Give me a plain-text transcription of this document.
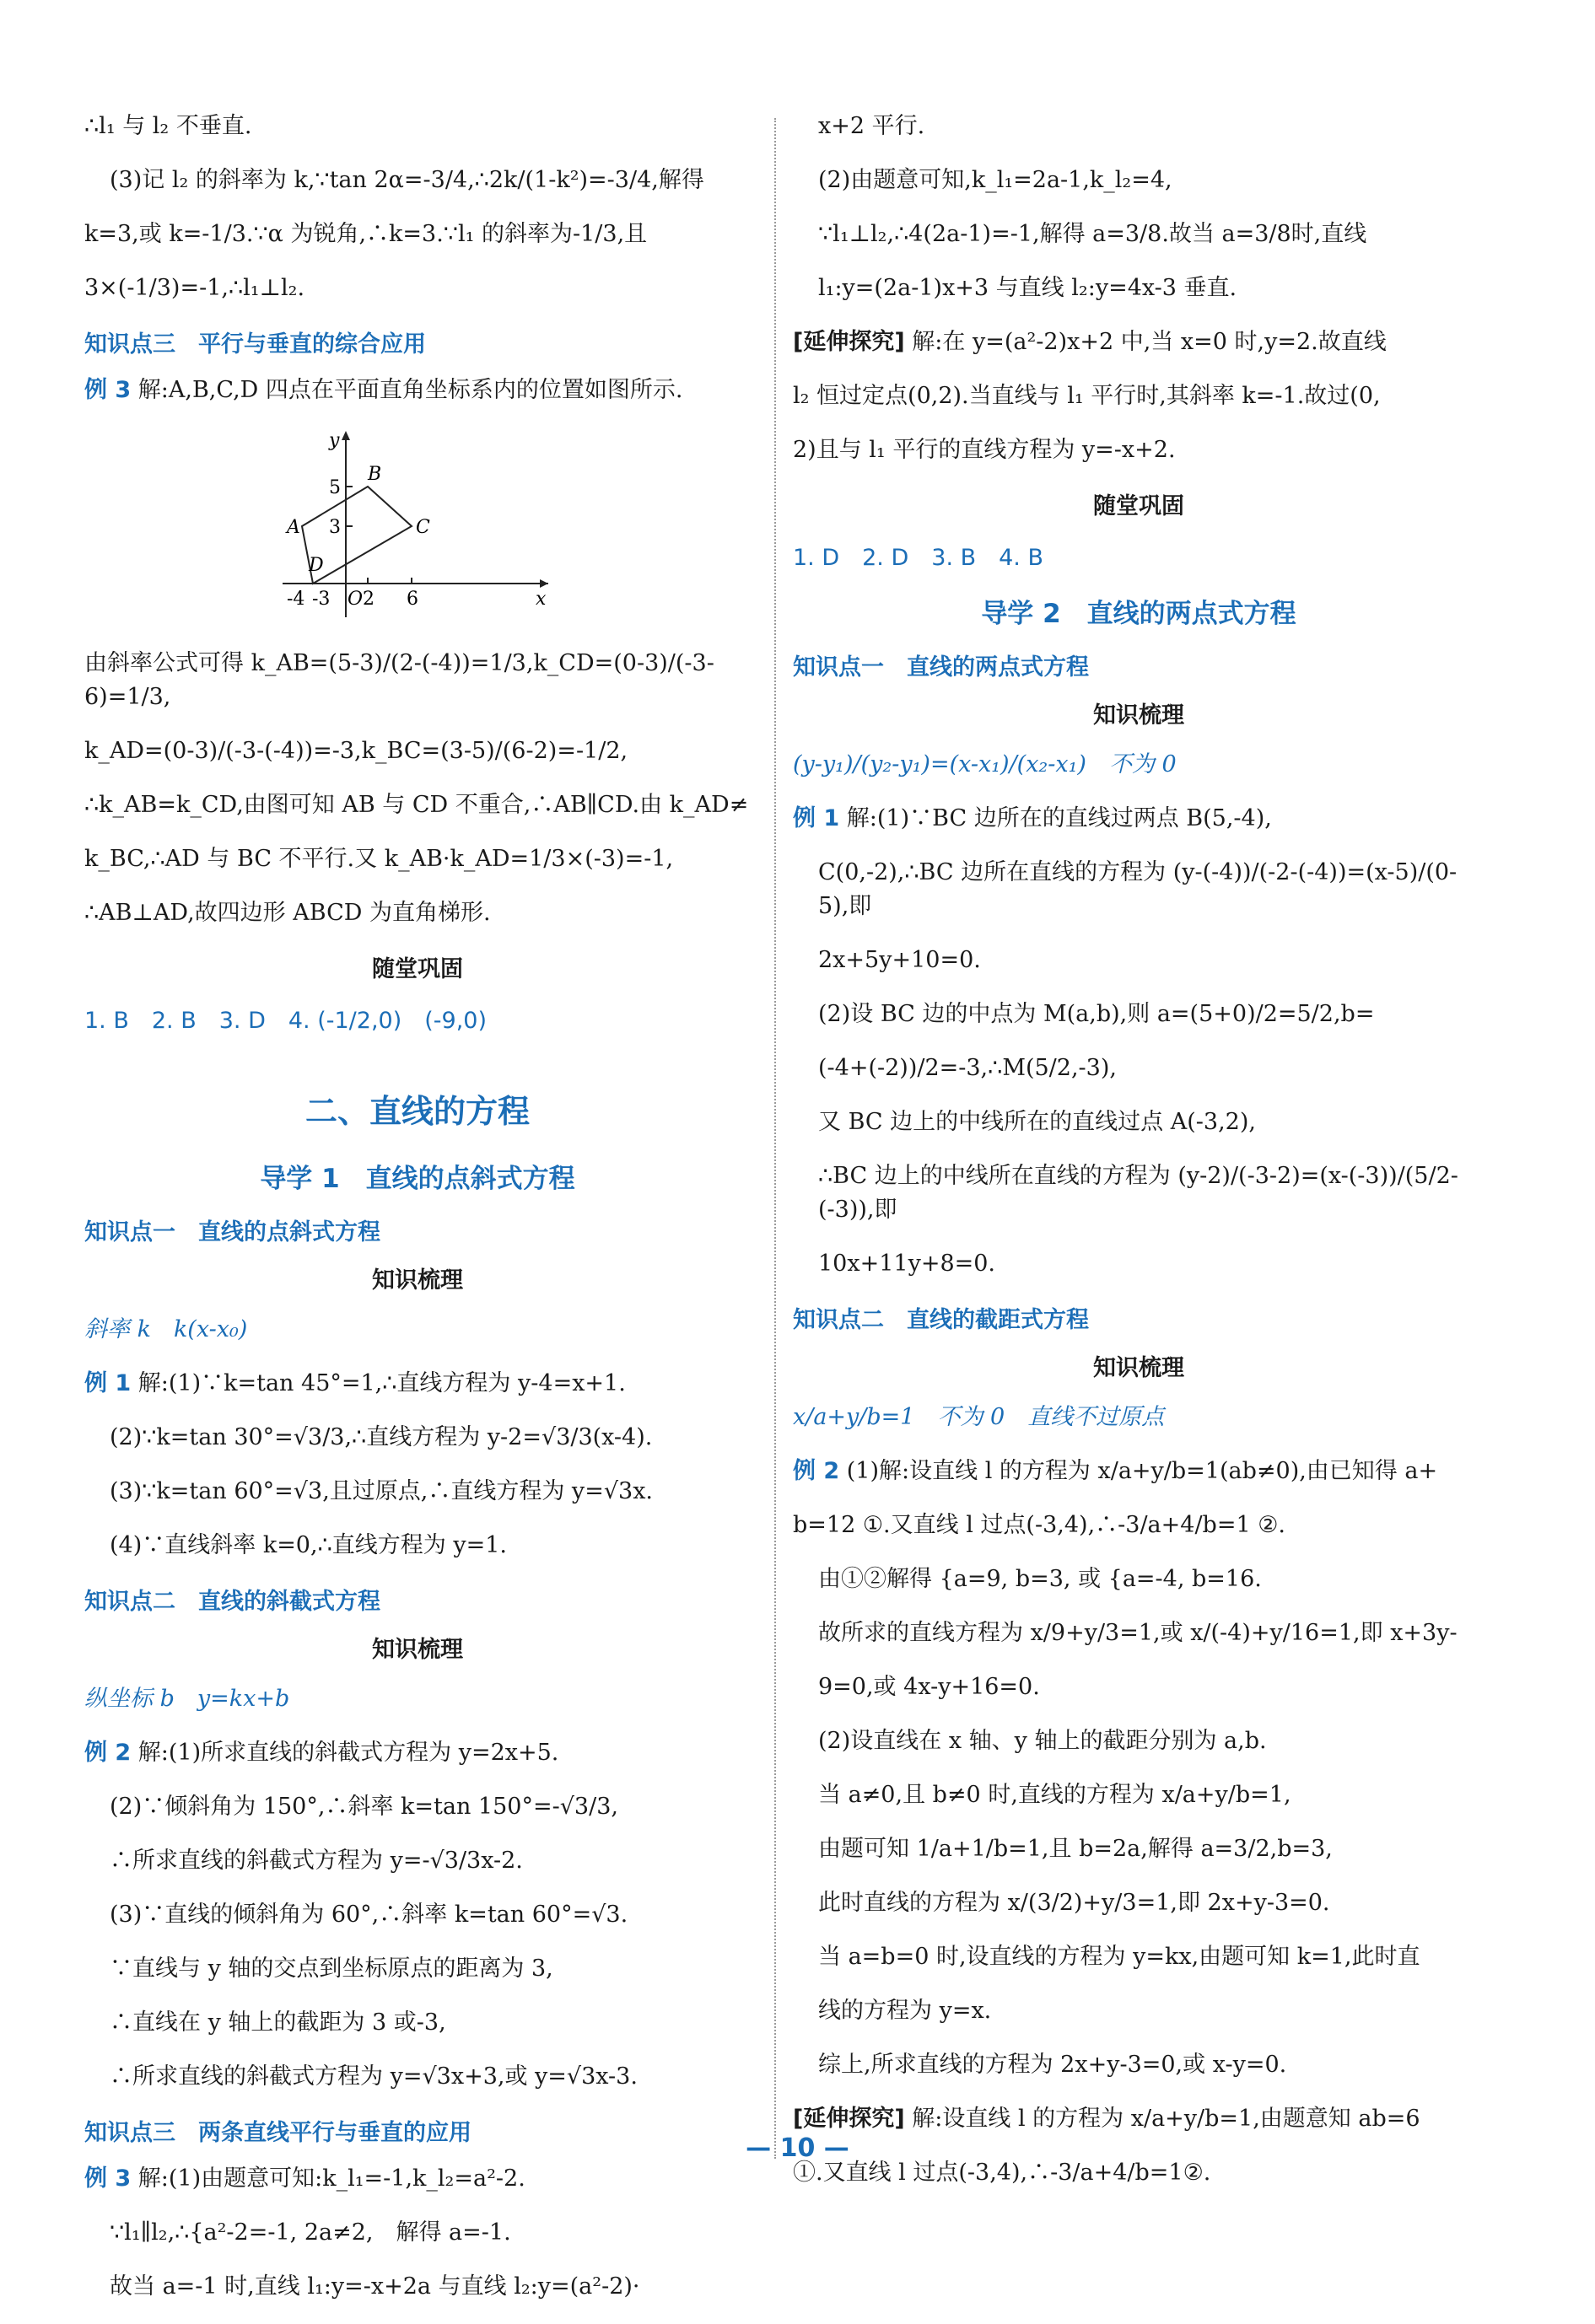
∴l₁ 与 l₂ 不垂直.

(3)记 l₂ 的斜率为 k,∵tan 2α=-3/4,∴2k/(1-k²)=-3/4,解得

k=3,或 k=-1/3.∵α 为锐角,∴k=3.∵l₁ 的斜率为-1/3,且

3×(-1/3)=-1,∴l₁⊥l₂.

知识点三　平行与垂直的综合应用

例 3 解:A,B,C,D 四点在平面直角坐标系内的位置如图所示.

y
x
O
5
3
-4 -3 2 6
A
B
C
D

由斜率公式可得 k_AB=(5-3)/(2-(-4))=1/3,k_CD=(0-3)/(-3-6)=1/3,

k_AD=(0-3)/(-3-(-4))=-3,k_BC=(3-5)/(6-2)=-1/2,

∴k_AB=k_CD,由图可知 AB 与 CD 不重合,∴AB∥CD.由 k_AD≠

k_BC,∴AD 与 BC 不平行.又 k_AB·k_AD=1/3×(-3)=-1,

∴AB⊥AD,故四边形 ABCD 为直角梯形.

随堂巩固
1. B　2. B　3. D　4. (-1/2,0)　(-9,0)
二、直线的方程
导学 1　直线的点斜式方程
知识点一　直线的点斜式方程
知识梳理

斜率 k　k(x-x₀)

例 1 解:(1)∵k=tan 45°=1,∴直线方程为 y-4=x+1.

(2)∵k=tan 30°=√3/3,∴直线方程为 y-2=√3/3(x-4).

(3)∵k=tan 60°=√3,且过原点,∴直线方程为 y=√3x.

(4)∵直线斜率 k=0,∴直线方程为 y=1.

知识点二　直线的斜截式方程
知识梳理

纵坐标 b　y=kx+b

例 2 解:(1)所求直线的斜截式方程为 y=2x+5.

(2)∵倾斜角为 150°,∴斜率 k=tan 150°=-√3/3,

∴所求直线的斜截式方程为 y=-√3/3x-2.

(3)∵直线的倾斜角为 60°,∴斜率 k=tan 60°=√3.

∵直线与 y 轴的交点到坐标原点的距离为 3,

∴直线在 y 轴上的截距为 3 或-3,

∴所求直线的斜截式方程为 y=√3x+3,或 y=√3x-3.

知识点三　两条直线平行与垂直的应用

例 3 解:(1)由题意可知:k_l₁=-1,k_l₂=a²-2.

∵l₁∥l₂,∴{a²-2=-1, 2a≠2,　解得 a=-1.

故当 a=-1 时,直线 l₁:y=-x+2a 与直线 l₂:y=(a²-2)·

x+2 平行.

(2)由题意可知,k_l₁=2a-1,k_l₂=4,

∵l₁⊥l₂,∴4(2a-1)=-1,解得 a=3/8.故当 a=3/8时,直线

l₁:y=(2a-1)x+3 与直线 l₂:y=4x-3 垂直.

[延伸探究] 解:在 y=(a²-2)x+2 中,当 x=0 时,y=2.故直线

l₂ 恒过定点(0,2).当直线与 l₁ 平行时,其斜率 k=-1.故过(0,

2)且与 l₁ 平行的直线方程为 y=-x+2.

随堂巩固
1. D　2. D　3. B　4. B
导学 2　直线的两点式方程
知识点一　直线的两点式方程
知识梳理

(y-y₁)/(y₂-y₁)=(x-x₁)/(x₂-x₁)　不为 0

例 1 解:(1)∵BC 边所在的直线过两点 B(5,-4),

C(0,-2),∴BC 边所在直线的方程为 (y-(-4))/(-2-(-4))=(x-5)/(0-5),即

2x+5y+10=0.

(2)设 BC 边的中点为 M(a,b),则 a=(5+0)/2=5/2,b=

(-4+(-2))/2=-3,∴M(5/2,-3),

又 BC 边上的中线所在的直线过点 A(-3,2),

∴BC 边上的中线所在直线的方程为 (y-2)/(-3-2)=(x-(-3))/(5/2-(-3)),即

10x+11y+8=0.

知识点二　直线的截距式方程
知识梳理

x/a+y/b=1　不为 0　直线不过原点

例 2 (1)解:设直线 l 的方程为 x/a+y/b=1(ab≠0),由已知得 a+

b=12 ①.又直线 l 过点(-3,4),∴-3/a+4/b=1 ②.

由①②解得 {a=9, b=3, 或 {a=-4, b=16.

故所求的直线方程为 x/9+y/3=1,或 x/(-4)+y/16=1,即 x+3y-

9=0,或 4x-y+16=0.

(2)设直线在 x 轴、y 轴上的截距分别为 a,b.

当 a≠0,且 b≠0 时,直线的方程为 x/a+y/b=1,

由题可知 1/a+1/b=1,且 b=2a,解得 a=3/2,b=3,

此时直线的方程为 x/(3/2)+y/3=1,即 2x+y-3=0.

当 a=b=0 时,设直线的方程为 y=kx,由题可知 k=1,此时直

线的方程为 y=x.

综上,所求直线的方程为 2x+y-3=0,或 x-y=0.

[延伸探究] 解:设直线 l 的方程为 x/a+y/b=1,由题意知 ab=6

①.又直线 l 过点(-3,4),∴-3/a+4/b=1②.

— 10 —
